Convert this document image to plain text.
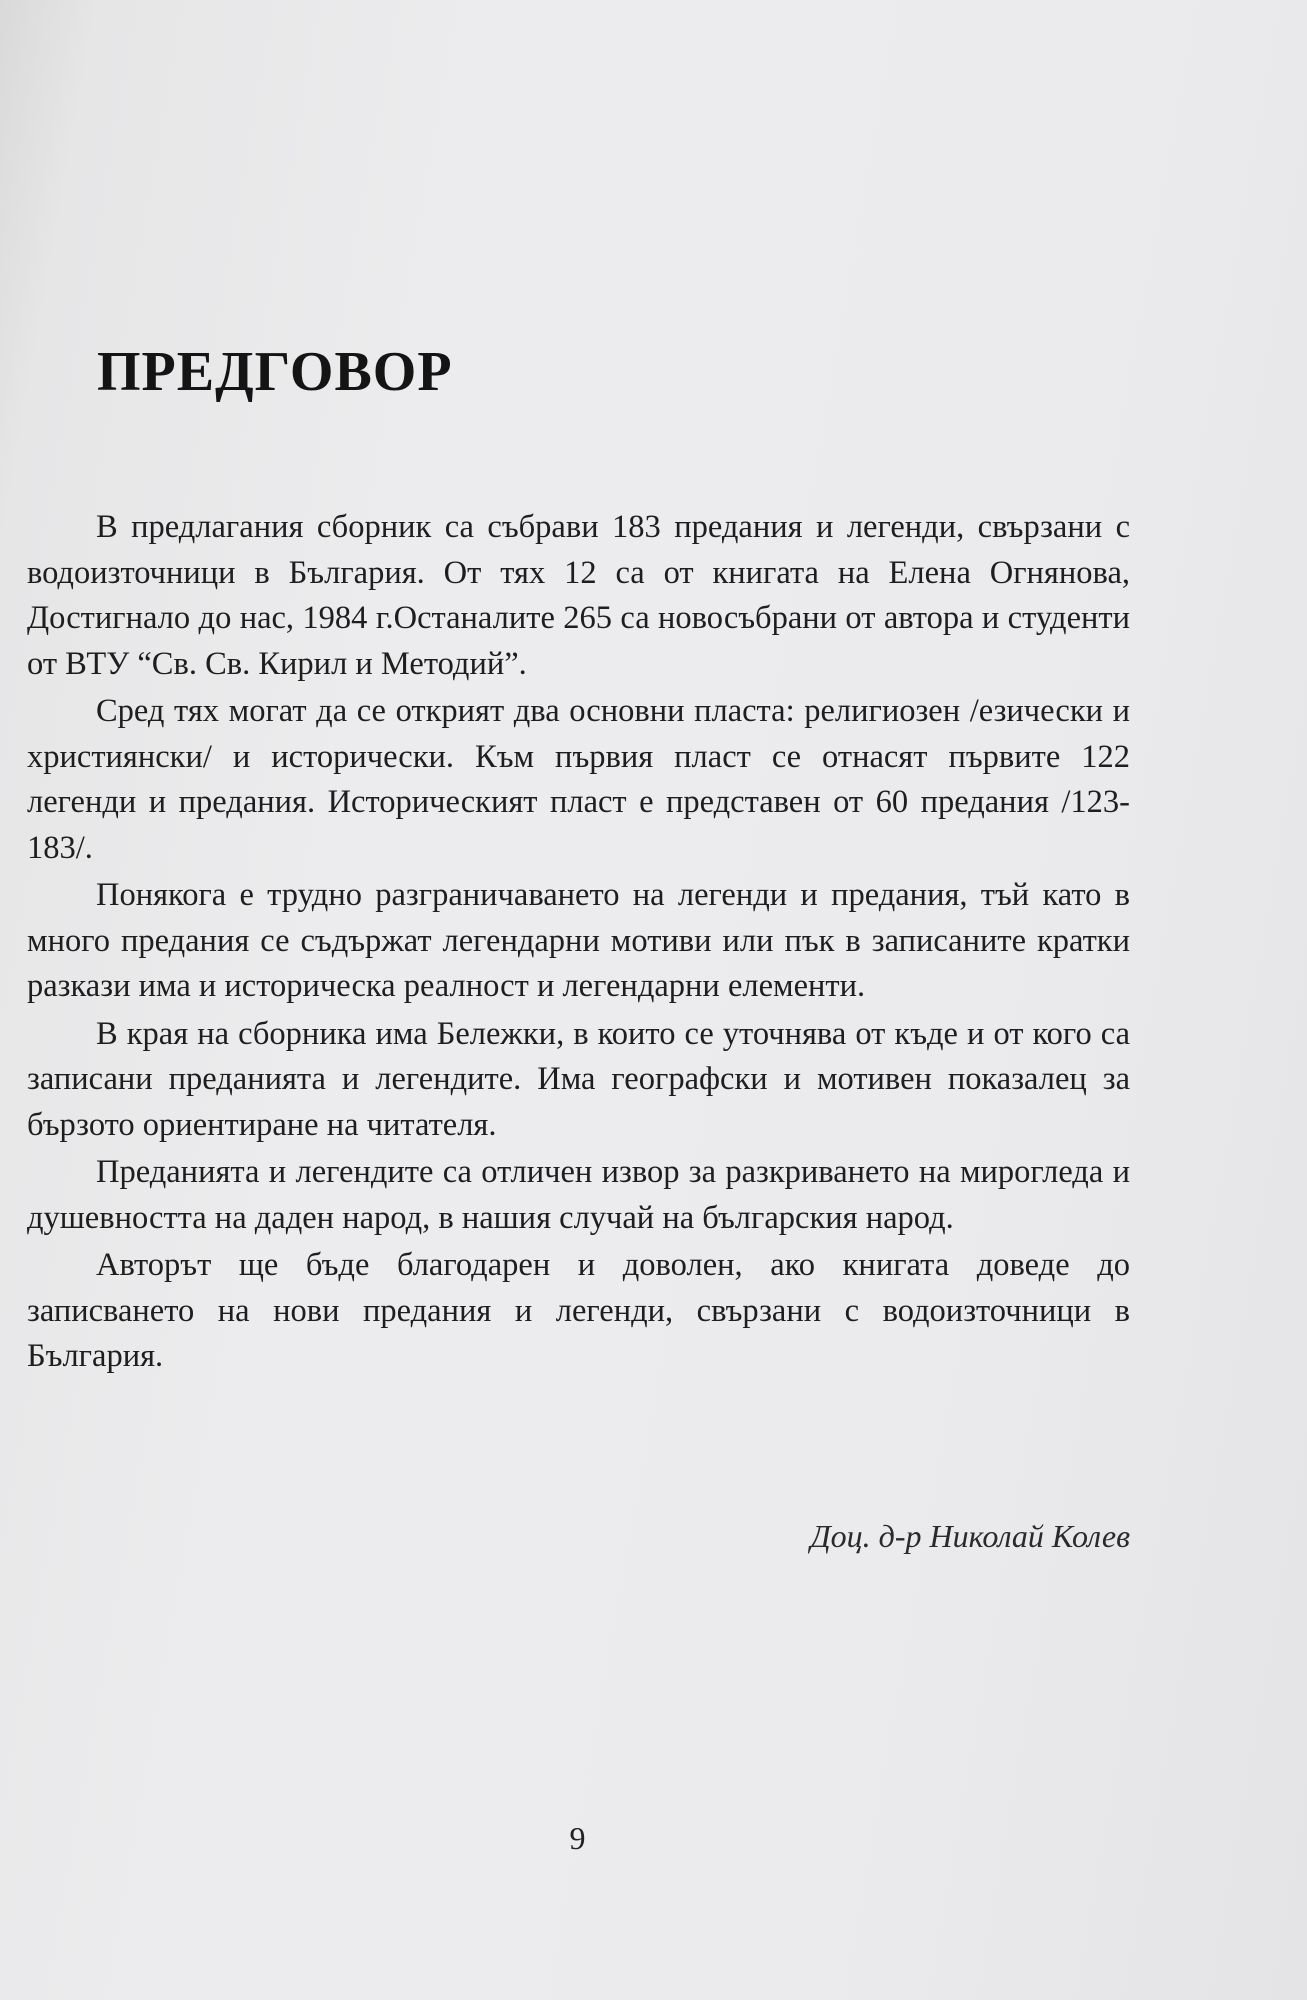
ПРЕДГОВОР

В предлагания сборник са събрави 183 предания и легенди, свързани с водоизточници в България. От тях 12 са от книгата на Елена Огнянова, Достигнало до нас, 1984 г.Останалите 265 са новосъбрани от автора и студенти от ВТУ “Св. Св. Кирил и Методий”.

Сред тях могат да се открият два основни пласта: религиозен /езически и християнски/ и исторически. Към първия пласт се отнасят първите 122 легенди и предания. Историческият пласт е представен от 60 предания /123-183/.

Понякога е трудно разграничаването на легенди и предания, тъй като в много предания се съдържат легендарни мотиви или пък в записаните кратки разкази има и историческа реалност и легендарни елементи.

В края на сборника има Бележки, в които се уточнява от къде и от кого са записани преданията и легендите. Има географски и мотивен показалец за бързото ориентиране на читателя.

Преданията и легендите са отличен извор за разкриването на мирогледа и душевността на даден народ, в нашия случай на българския народ.

Авторът ще бъде благодарен и доволен, ако книгата доведе до записването на нови предания и легенди, свързани с водоизточници в България.

Доц. д-р Николай Колев

9
